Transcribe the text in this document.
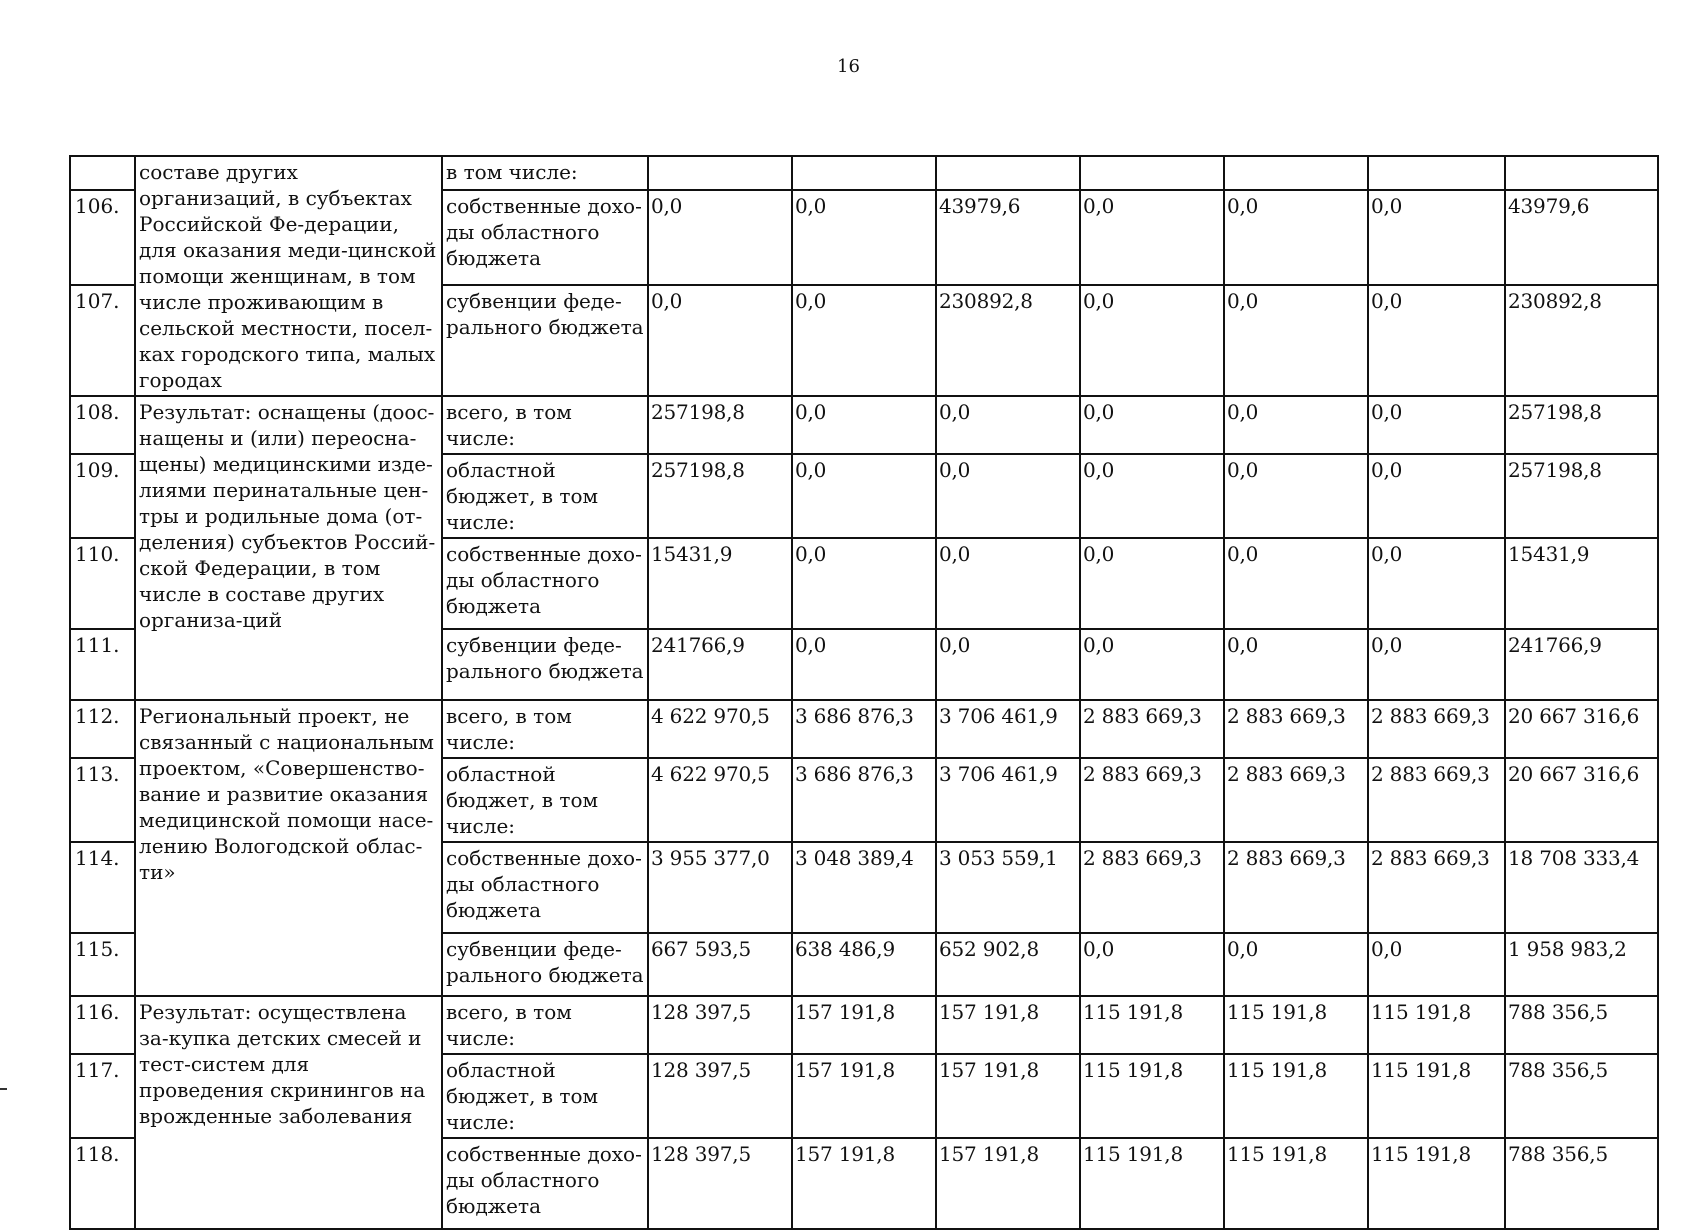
16
	составе других организаций, в субъектах Российской Фе-дерации, для оказания меди-цинской помощи женщинам, в том числе проживающим в сельской местности, посел-ках городского типа, малых городах	в том числе:							
106.		собственные дохо-ды областного бюджета	0,0	0,0	43979,6	0,0	0,0	0,0	43979,6
107.		субвенции феде-рального бюджета	0,0	0,0	230892,8	0,0	0,0	0,0	230892,8
108.	Результат: оснащены (доос-нащены и (или) переосна-щены) медицинскими изде-лиями перинатальные цен-тры и родильные дома (от-деления) субъектов Россий-ской Федерации, в том числе в составе других организа-ций	всего, в том числе:	257198,8	0,0	0,0	0,0	0,0	0,0	257198,8
109.		областной бюджет, в том числе:	257198,8	0,0	0,0	0,0	0,0	0,0	257198,8
110.		собственные дохо-ды областного бюджета	15431,9	0,0	0,0	0,0	0,0	0,0	15431,9
111.		субвенции феде-рального бюджета	241766,9	0,0	0,0	0,0	0,0	0,0	241766,9
112.	Региональный проект, не связанный с национальным проектом, «Совершенство-вание и развитие оказания медицинской помощи насе-лению Вологодской облас-ти»	всего, в том числе:	4 622 970,5	3 686 876,3	3 706 461,9	2 883 669,3	2 883 669,3	2 883 669,3	20 667 316,6
113.		областной бюджет, в том числе:	4 622 970,5	3 686 876,3	3 706 461,9	2 883 669,3	2 883 669,3	2 883 669,3	20 667 316,6
114.		собственные дохо-ды областного бюджета	3 955 377,0	3 048 389,4	3 053 559,1	2 883 669,3	2 883 669,3	2 883 669,3	18 708 333,4
115.		субвенции феде-рального бюджета	667 593,5	638 486,9	652 902,8	0,0	0,0	0,0	1 958 983,2
116.	Результат: осуществлена за-купка детских смесей и тест-систем для проведения скринингов на врожденные заболевания	всего, в том числе:	128 397,5	157 191,8	157 191,8	115 191,8	115 191,8	115 191,8	788 356,5
117.		областной бюджет, в том числе:	128 397,5	157 191,8	157 191,8	115 191,8	115 191,8	115 191,8	788 356,5
118.		собственные дохо-ды областного бюджета	128 397,5	157 191,8	157 191,8	115 191,8	115 191,8	115 191,8	788 356,5
